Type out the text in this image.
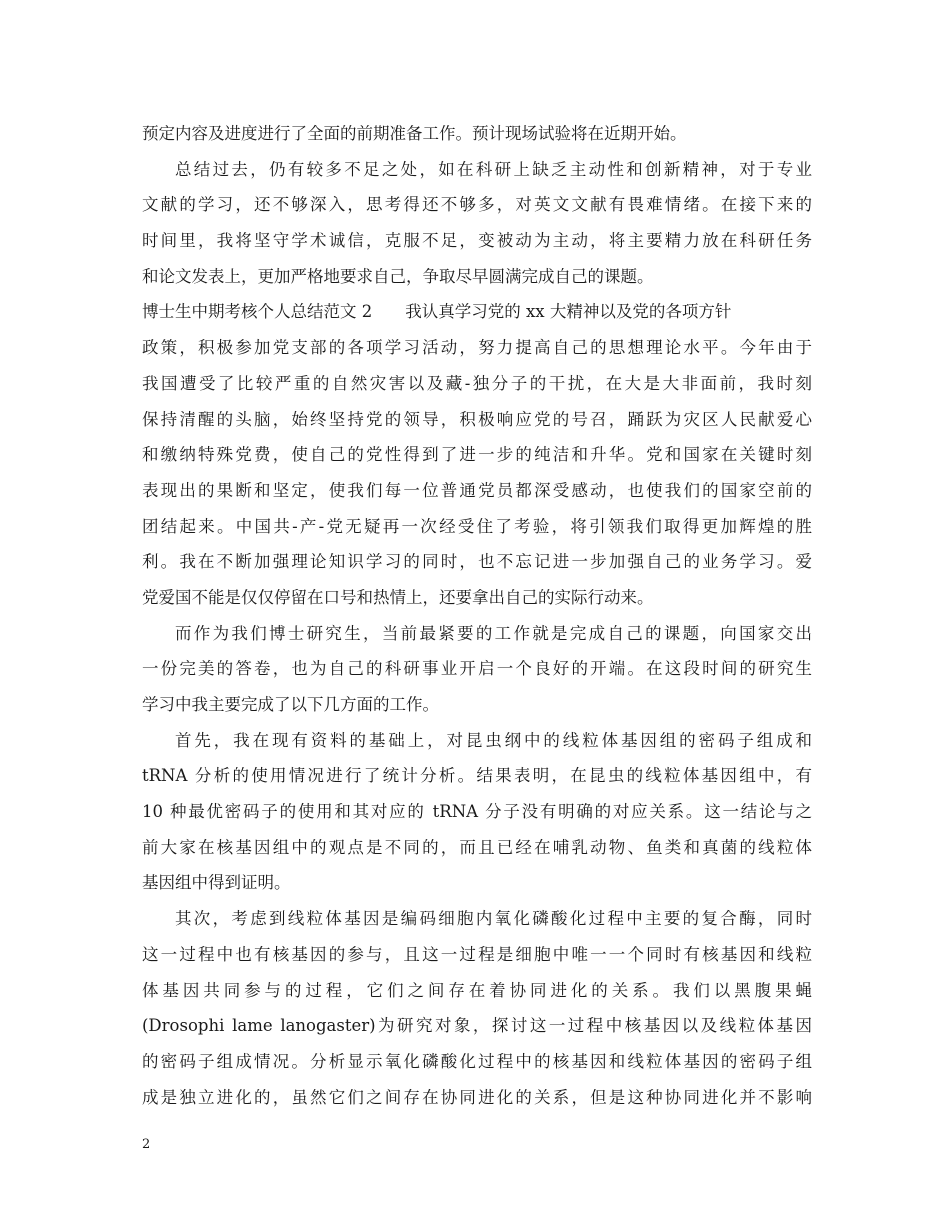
预定内容及进度进行了全面的前期准备工作。预计现场试验将在近期开始。
总结过去，仍有较多不足之处，如在科研上缺乏主动性和创新精神，对于专业
文献的学习，还不够深入，思考得还不够多，对英文文献有畏难情绪。在接下来的
时间里，我将坚守学术诚信，克服不足，变被动为主动，将主要精力放在科研任务
和论文发表上，更加严格地要求自己，争取尽早圆满完成自己的课题。
博士生中期考核个人总结范文 2　　我认真学习党的 xx 大精神以及党的各项方针
政策，积极参加党支部的各项学习活动，努力提高自己的思想理论水平。今年由于
我国遭受了比较严重的自然灾害以及藏-独分子的干扰，在大是大非面前，我时刻
保持清醒的头脑，始终坚持党的领导，积极响应党的号召，踊跃为灾区人民献爱心
和缴纳特殊党费，使自己的党性得到了进一步的纯洁和升华。党和国家在关键时刻
表现出的果断和坚定，使我们每一位普通党员都深受感动，也使我们的国家空前的
团结起来。中国共-产-党无疑再一次经受住了考验，将引领我们取得更加辉煌的胜
利。我在不断加强理论知识学习的同时，也不忘记进一步加强自己的业务学习。爱
党爱国不能是仅仅停留在口号和热情上，还要拿出自己的实际行动来。
而作为我们博士研究生，当前最紧要的工作就是完成自己的课题，向国家交出
一份完美的答卷，也为自己的科研事业开启一个良好的开端。在这段时间的研究生
学习中我主要完成了以下几方面的工作。
首先，我在现有资料的基础上，对昆虫纲中的线粒体基因组的密码子组成和
tRNA 分析的使用情况进行了统计分析。结果表明，在昆虫的线粒体基因组中，有
10 种最优密码子的使用和其对应的 tRNA 分子没有明确的对应关系。这一结论与之
前大家在核基因组中的观点是不同的，而且已经在哺乳动物、鱼类和真菌的线粒体
基因组中得到证明。
其次，考虑到线粒体基因是编码细胞内氧化磷酸化过程中主要的复合酶，同时
这一过程中也有核基因的参与，且这一过程是细胞中唯一一个同时有核基因和线粒
体基因共同参与的过程，它们之间存在着协同进化的关系。我们以黑腹果蝇
(Drosophi lame lanogaster)为研究对象，探讨这一过程中核基因以及线粒体基因
的密码子组成情况。分析显示氧化磷酸化过程中的核基因和线粒体基因的密码子组
成是独立进化的，虽然它们之间存在协同进化的关系，但是这种协同进化并不影响
2
